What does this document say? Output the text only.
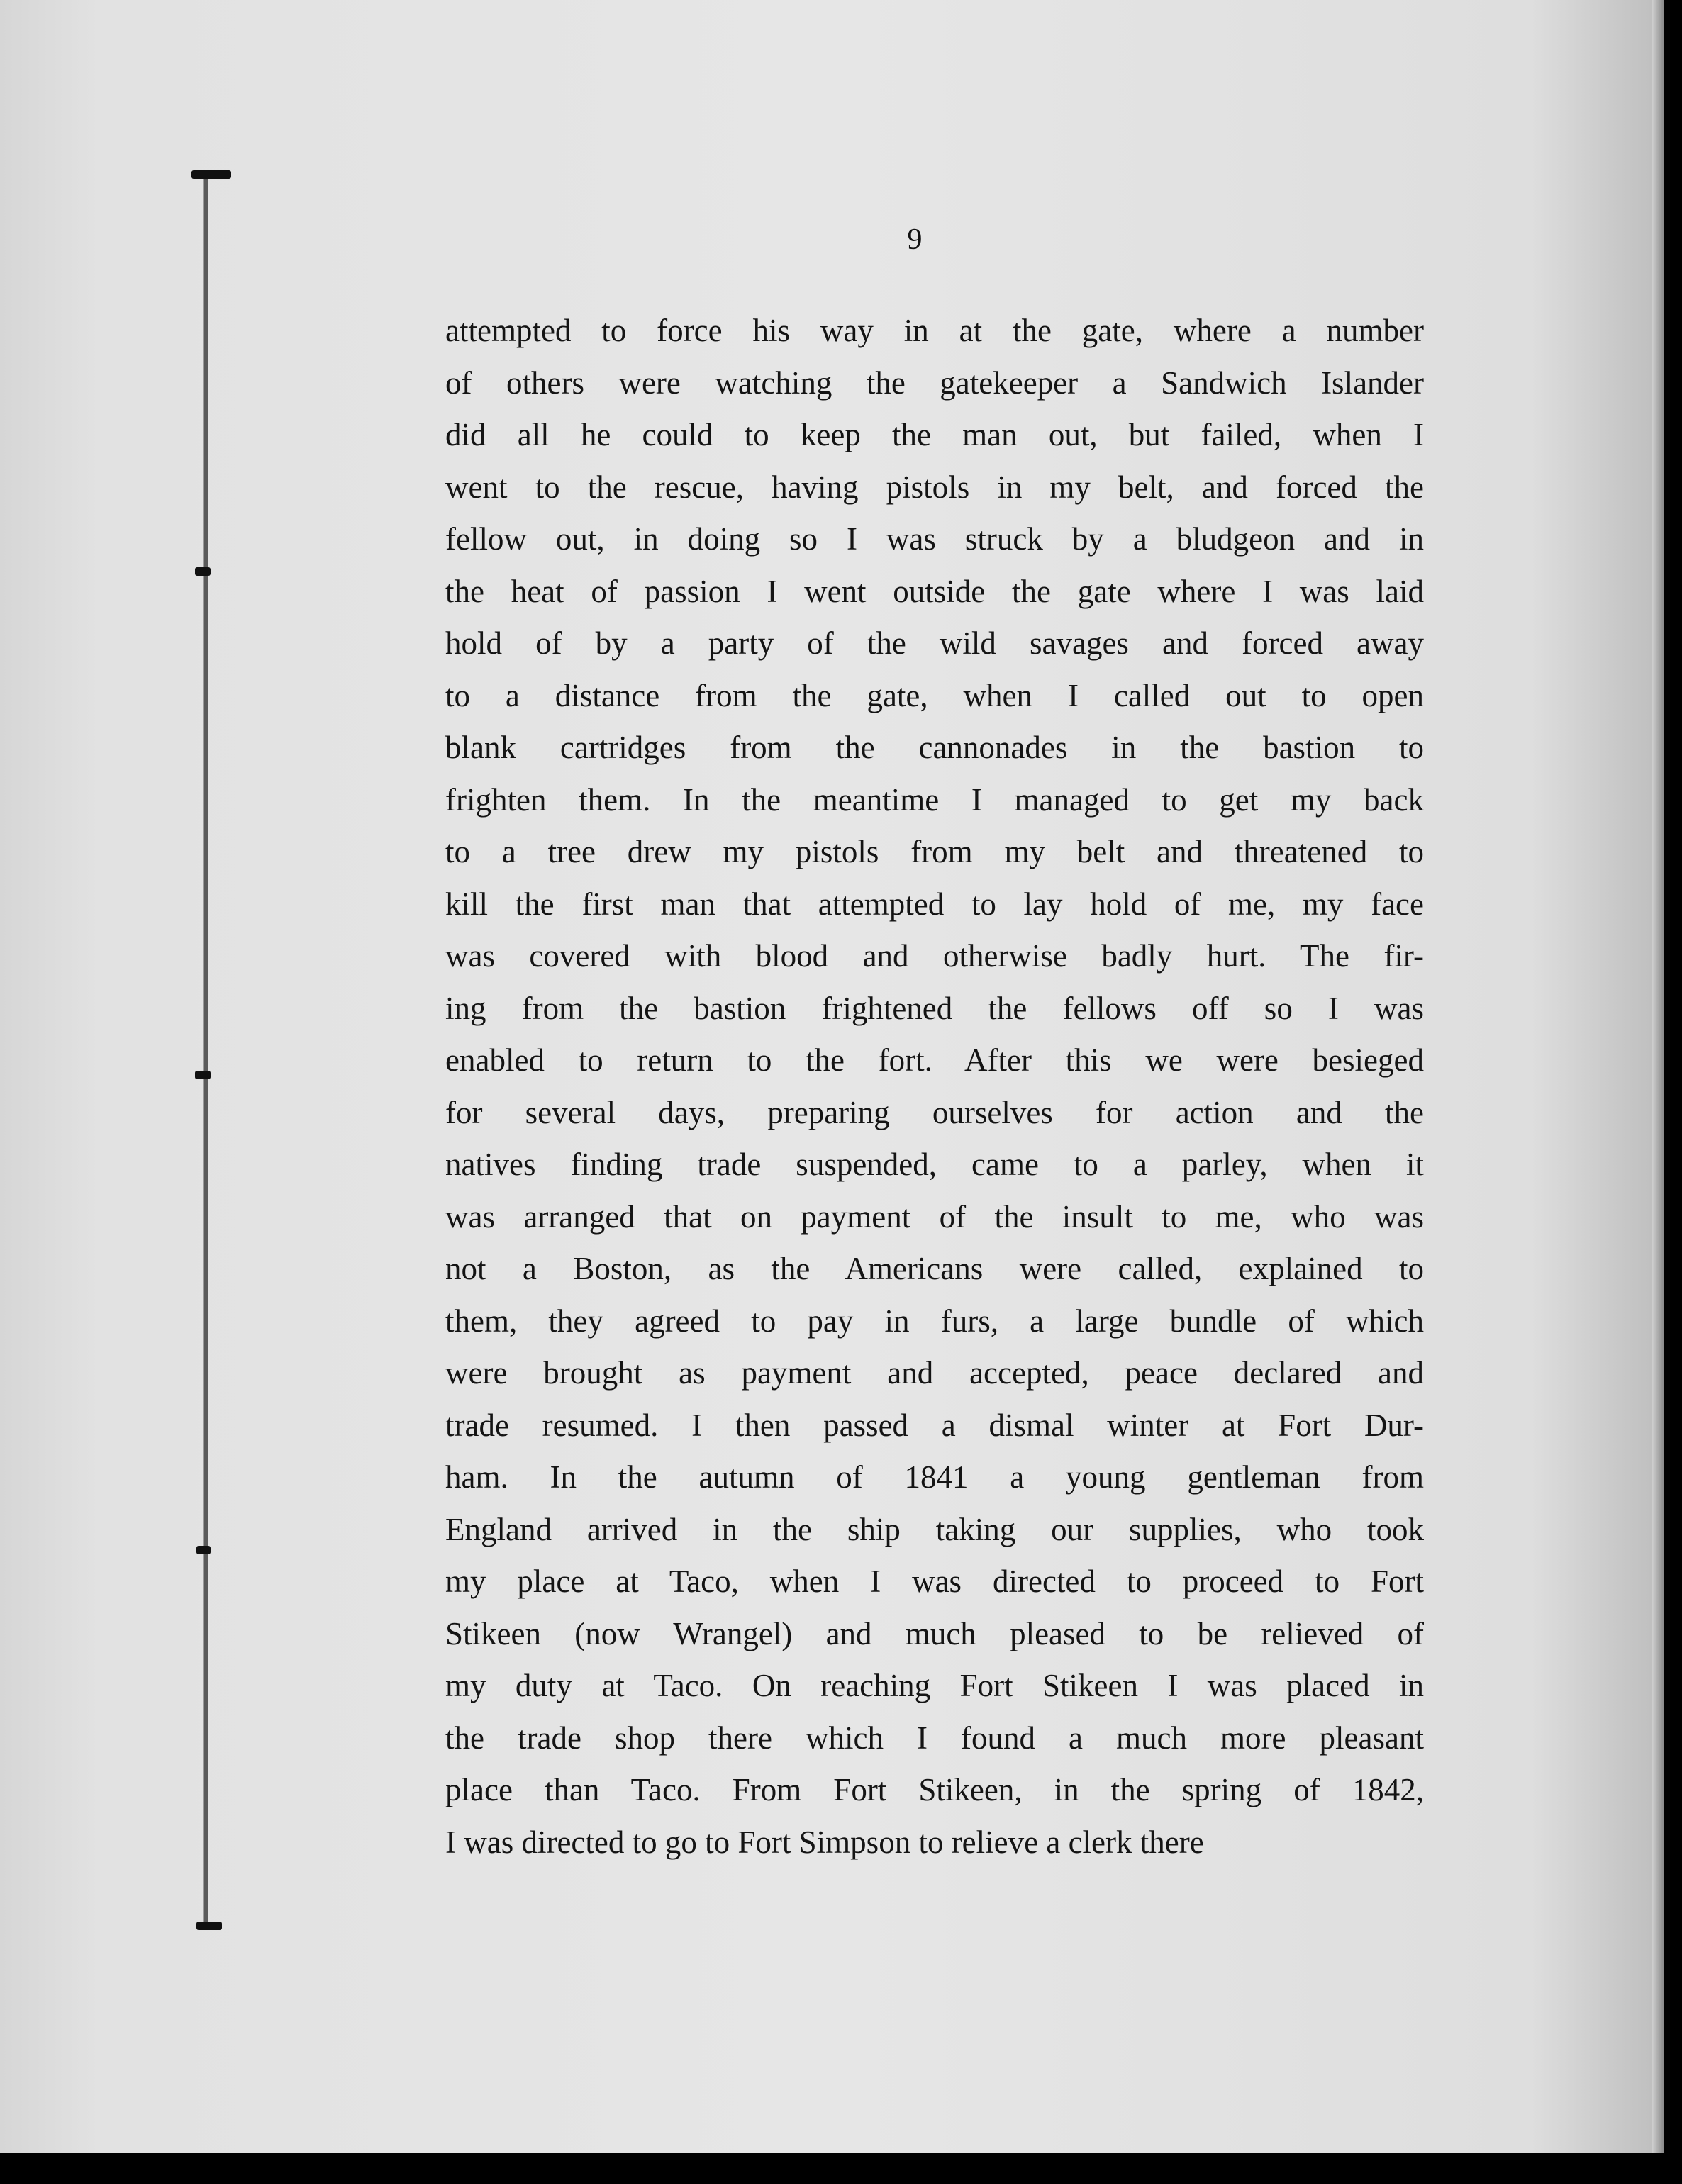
9

attempted to force his way in at the gate, where a number
of others were watching the gatekeeper a Sandwich Islander
did all he could to keep the man out, but failed, when I
went to the rescue, having pistols in my belt, and forced the
fellow out, in doing so I was struck by a bludgeon and in
the heat of passion I went outside the gate where I was laid
hold of by a party of the wild savages and forced away
to a distance from the gate, when I called out to open
blank cartridges from the cannonades in the bastion to
frighten them. In the meantime I managed to get my back
to a tree drew my pistols from my belt and threatened to
kill the first man that attempted to lay hold of me, my face
was covered with blood and otherwise badly hurt. The fir-
ing from the bastion frightened the fellows off so I was
enabled to return to the fort. After this we were besieged
for several days, preparing ourselves for action and the
natives finding trade suspended, came to a parley, when it
was arranged that on payment of the insult to me, who was
not a Boston, as the Americans were called, explained to
them, they agreed to pay in furs, a large bundle of which
were brought as payment and accepted, peace declared and
trade resumed. I then passed a dismal winter at Fort Dur-
ham. In the autumn of 1841 a young gentleman from
England arrived in the ship taking our supplies, who took
my place at Taco, when I was directed to proceed to Fort
Stikeen (now Wrangel) and much pleased to be relieved of
my duty at Taco. On reaching Fort Stikeen I was placed in
the trade shop there which I found a much more pleasant
place than Taco. From Fort Stikeen, in the spring of 1842,
I was directed to go to Fort Simpson to relieve a clerk there
